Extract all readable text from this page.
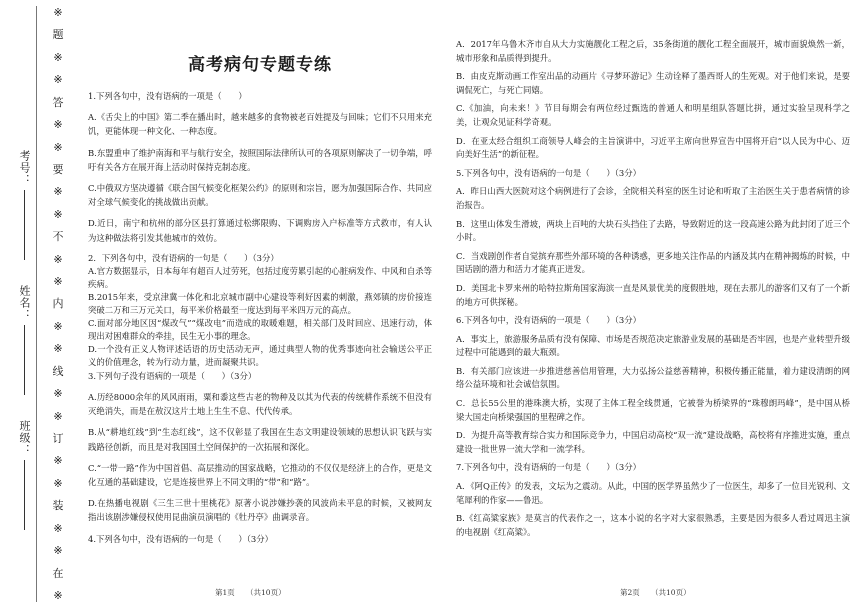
※
题
※
※
答
※
※
要
※
※
不
※
※
内
※
※
线
※
※
订
※
※
装
※
※
在
※
考号：
姓名：
班级：
高考病句专题专练

1.下列各句中，没有语病的一项是（　　）

A.《舌尖上的中国》第二季在播出时，越来越多的食物被老百姓提及与回味；它们不只用来充饥，更能体现一种文化、一种态度。

B.东盟重申了维护南海和平与航行安全，按照国际法律所认可的各项原则解决了一切争端，呼吁有关各方在展开海上活动时保持克制态度。

C.中俄双方坚决遵循《联合国气候变化框架公约》的原则和宗旨，愿为加强国际合作、共同应对全球气候变化的挑战做出贡献。

D.近日，南宁和杭州的部分区县打算通过松绑限购、下调购房入户标准等方式救市，有人认为这种做法将引发其他城市的效仿。

2．下列各句中，没有语病的一句是（　　）（3分）

A.官方数据显示，日本每年有超百人过劳死，包括过度劳累引起的心脏病发作、中风和自杀等疾病。

B.2015年来，受京津冀一体化和北京城市副中心建设等利好因素的刺激，燕郊镇的房价接连突破二万和三万元关口，每平米价格最至一度达到每平米四万元的高点。

C.面对部分地区因“煤改气”“煤改电”而造成的取暖难题，相关部门及时回应、迅速行动，体现出对困难群众的牵挂，民生无小事的理念。

D.一个没有正义人物评述话语的历史活动无声，通过典型人物的优秀事迹向社会输送公平正义的价值理念，转为行动力量，进而凝聚共识。

3.下列句子没有语病的一项是（　　）（3分）

A.历经8000余年的风风雨雨，粟和黍这些古老的物种及以其为代表的传统耕作系统不但没有灭绝消失，而是在敖汉这片土地上生生不息、代代传承。

B.从“耕地红线”到“生态红线”，这不仅彰显了我国在生态文明建设领域的思想认识飞跃与实践路径创新，而且是对我国国土空间保护的一次拓展和深化。

C.“一带一路”作为中国首倡、高层推动的国家战略，它推动的不仅仅是经济上的合作，更是文化互通的基础建设，它是连接世界上不同文明的“带”和“路”。

D.在热播电视剧《三生三世十里桃花》原著小说涉嫌抄袭的风波尚未平息的时候，又被网友指出该剧涉嫌侵权使用昆曲演员演唱的《牡丹亭》曲调录音。

4.下列各句中，没有语病的一句是（　　）（3分）

第1页　　（共10页）

A．2017年乌鲁木齐市自从大力实施靓化工程之后，35条街道的靓化工程全面展开，城市面貌焕然一新，城市形象和品质得到提升。

B．由皮克斯动画工作室出品的动画片《寻梦环游记》生动诠释了墨西哥人的生死观。对于他们来说，是要调侃死亡，与死亡同嬉。

C.《加油，向未来！》节目每期会有两位经过甄选的普通人和明星组队答题比拼，通过实验呈现科学之美，让观众见证科学奇观。

D．在亚太经合组织工商领导人峰会的主旨演讲中，习近平主席向世界宣告中国将开启“以人民为中心、迈向美好生活”的新征程。

5.下列各句中，没有语病的一句是（　　）（3分）

A．昨日山西大医院对这个病例进行了会诊，全院相关科室的医生讨论和听取了主治医生关于患者病情的诊治报告。

B．这里山体发生滑坡，两块上百吨的大块石头挡住了去路，导致附近的这一段高速公路为此封闭了近三个小时。

C．当戏剧创作者自觉摈弃那些外部环境的各种诱惑，更多地关注作品的内涵及其内在精神揭炼的时候，中国话剧的潜力和活力才能真正迸发。

D．美国北卡罗来州的哈特拉斯角国家海滨一直是风景优美的度假胜地，现在去那儿的游客们又有了一个新的地方可供探秘。

6.下列各句中，没有语病的一项是（　　）（3分）

A．事实上，旅游服务品质有没有保障、市场是否规范决定旅游业发展的基础是否牢固，也是产业转型升级过程中可能遇到的最大瓶颈。

B．有关部门应该进一步推进慈善信用管理，大力弘扬公益慈善精神，积极传播正能量，着力建设清朗的网络公益环境和社会诚信氛围。

C．总长55公里的港珠澳大桥，实现了主体工程全线贯通，它被誉为桥梁界的“珠穆朗玛峰”，是中国从桥梁大国走向桥梁强国的里程碑之作。

D．为提升高等教育综合实力和国际竞争力，中国启动高校“双一流”建设战略，高校将有序推进实施，重点建设一批世界一流大学和一流学科。

7.下列各句中，没有语病的一句是（　　）（3分）

A．《阿Q正传》的发表，文坛为之震动。从此，中国的医学界虽然少了一位医生，却多了一位目光锐利、文笔犀利的作家——鲁迅。

B.《红高粱家族》是莫言的代表作之一，这本小说的名字对大家很熟悉，主要是因为很多人看过周迅主演的电视剧《红高粱》。

第2页　　（共10页）
